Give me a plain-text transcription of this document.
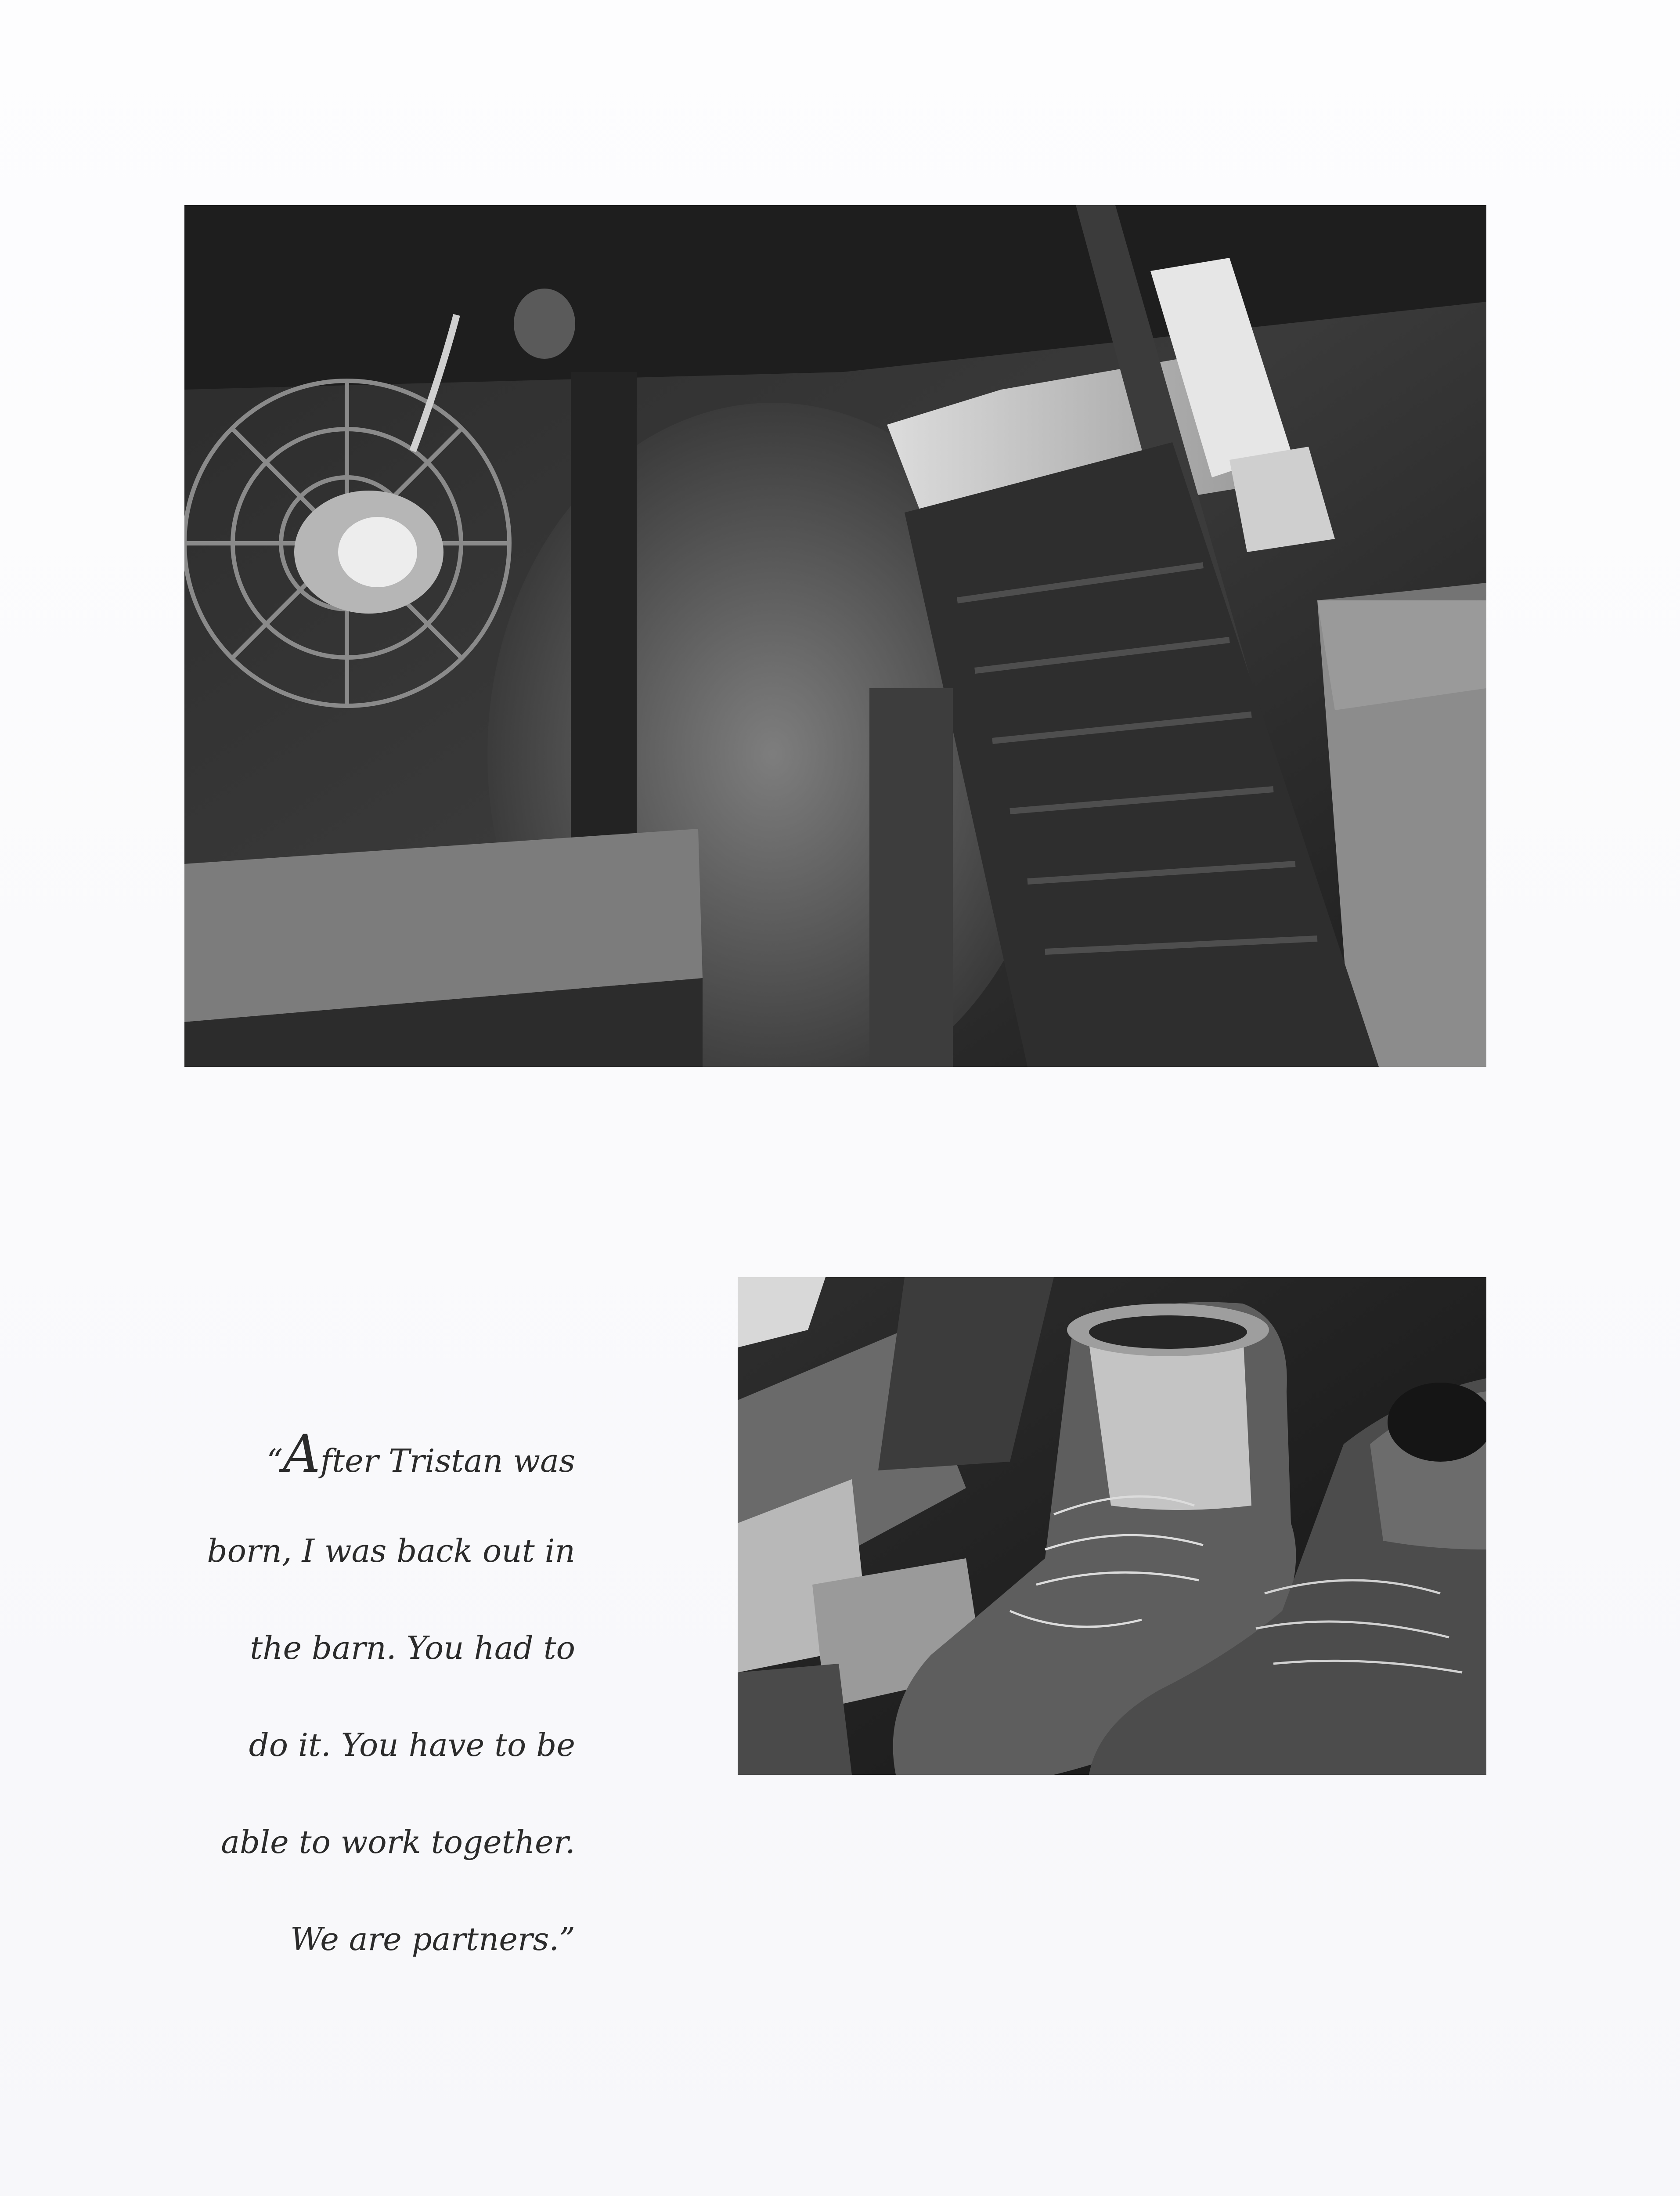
“After Tristan was
born, I was back out in
the barn. You had to
do it. You have to be
able to work together.
We are partners.”
